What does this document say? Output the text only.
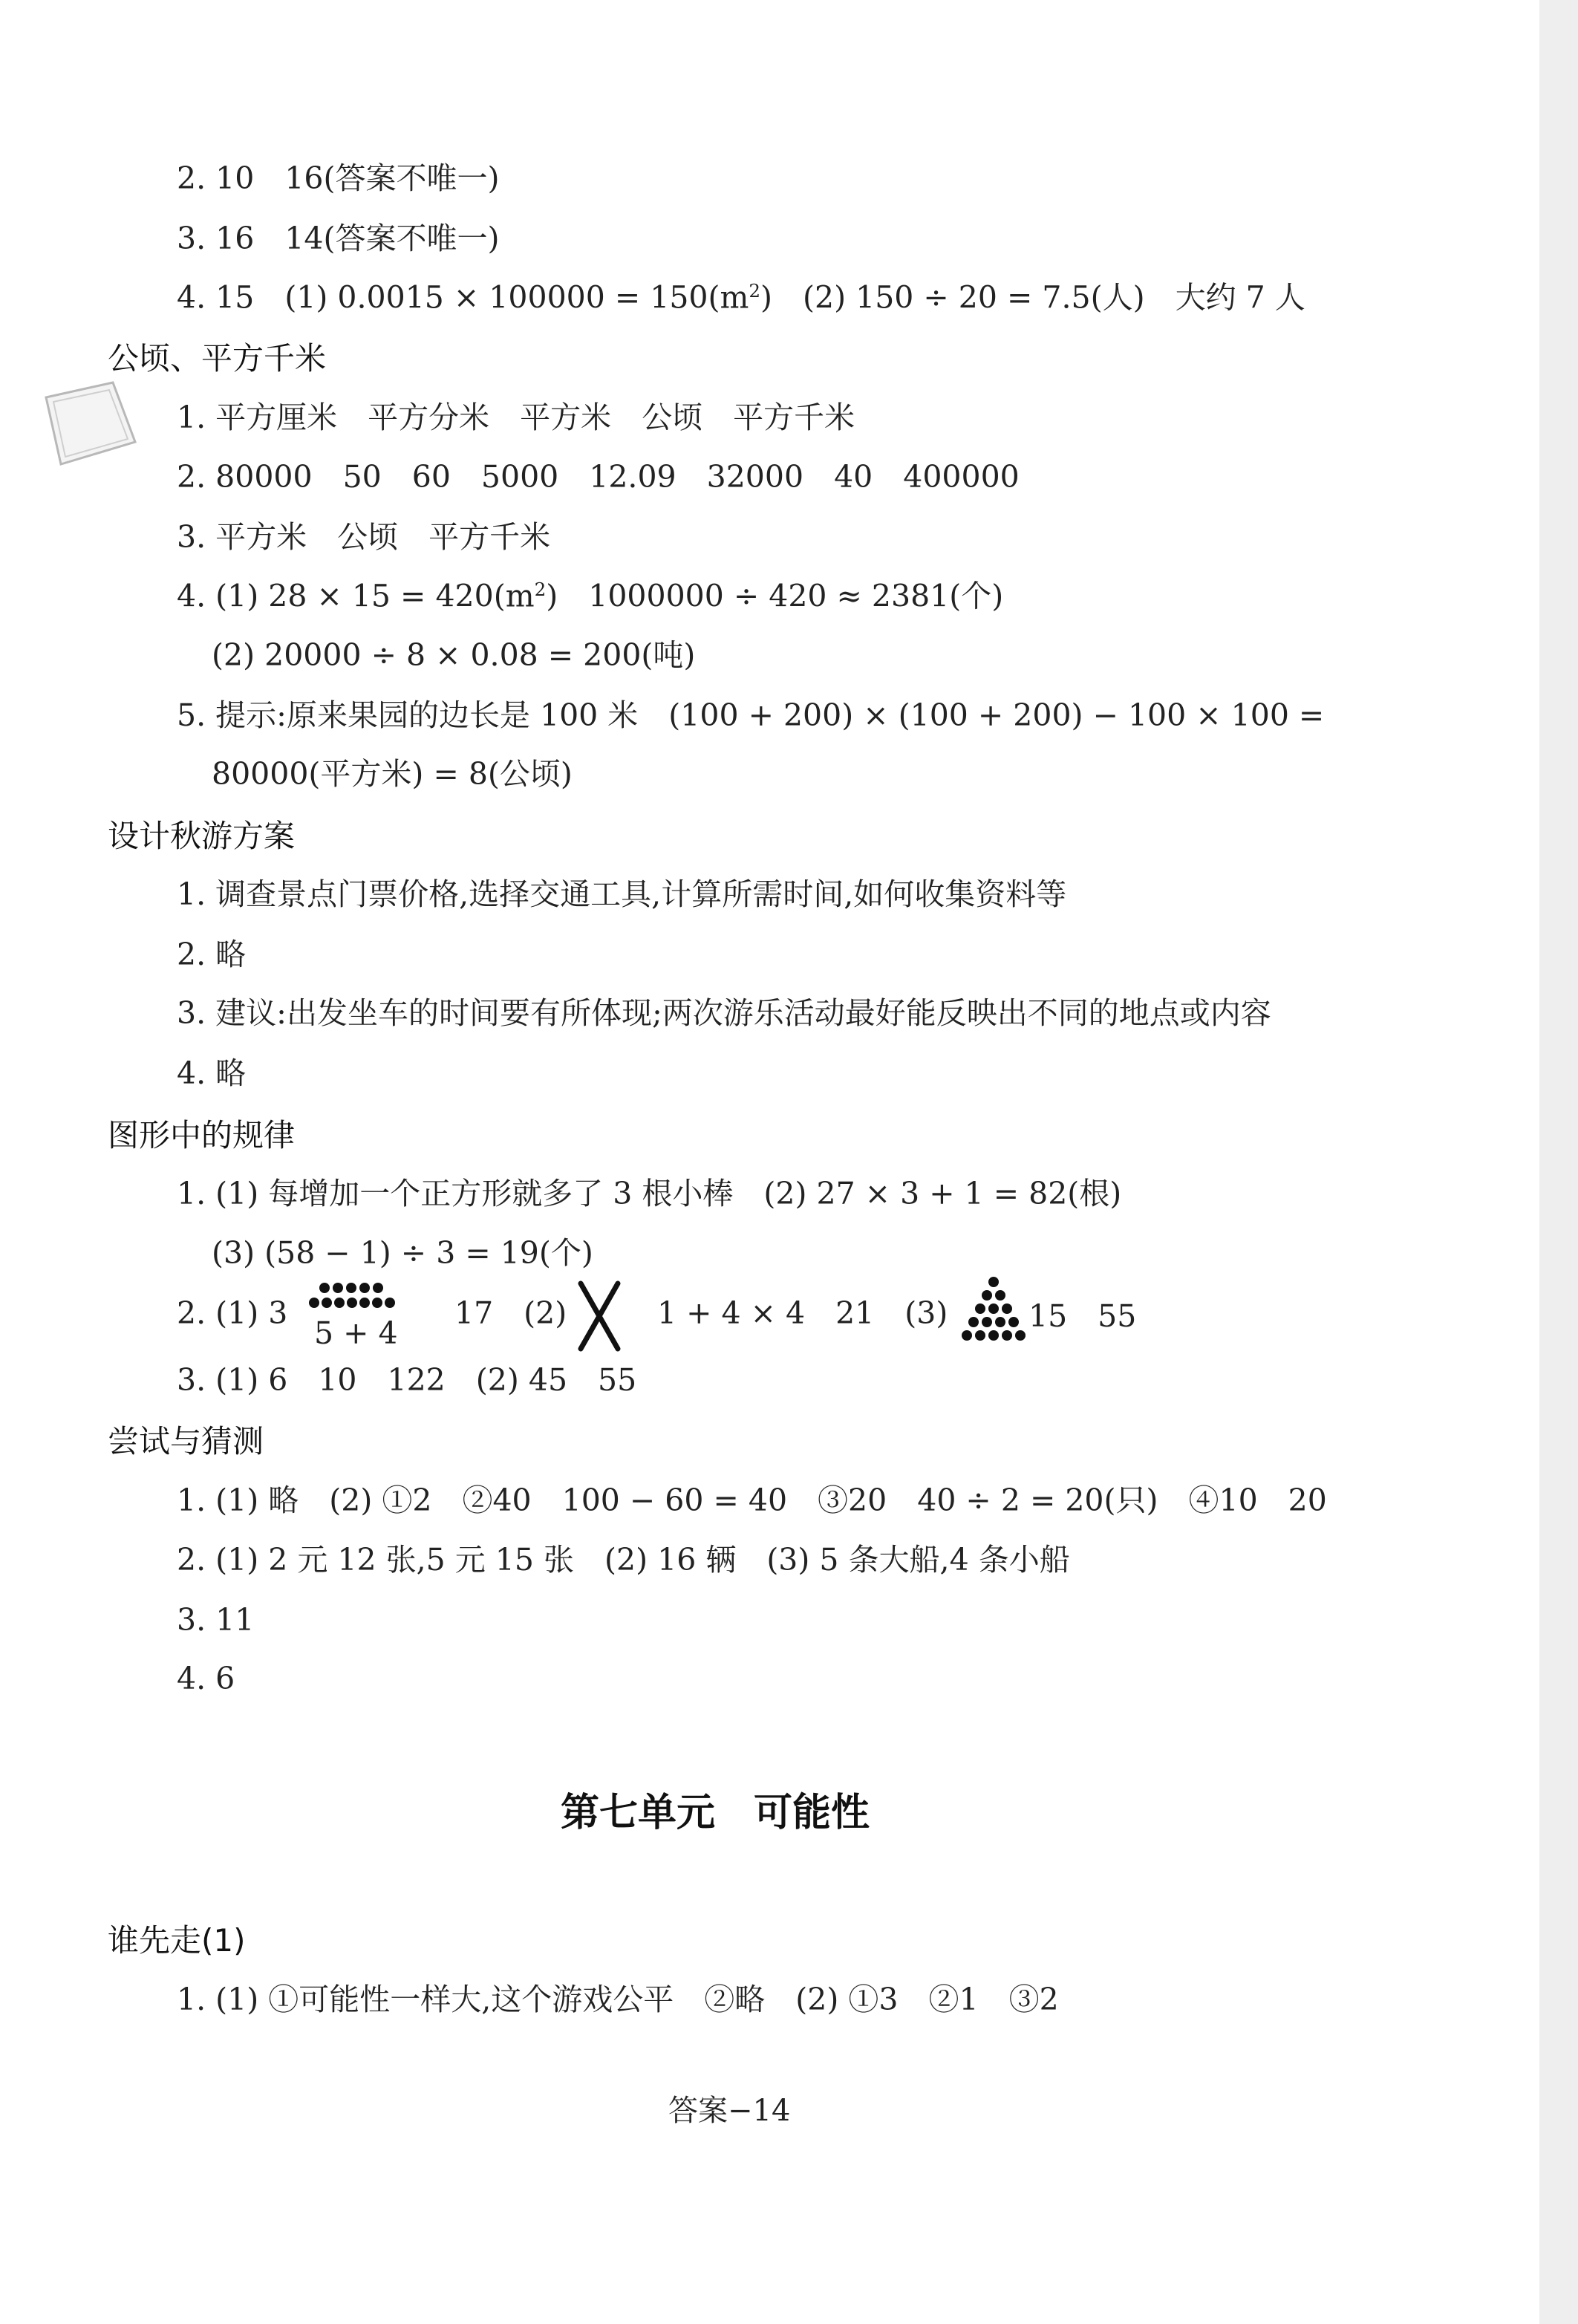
2. 10　16(答案不唯一)
3. 16　14(答案不唯一)
4. 15　(1) $0.0015 \times 100000 = 150(m^2)$　(2) 150 ÷ 20 = 7.5(人)　大约 7 人
公顷、平方千米
1. 平方厘米　平方分米　平方米　公顷　平方千米
2. 80000　50　60　5000　12.09　32000　40　400000
3. 平方米　公顷　平方千米
4. (1) $28 \times 15 = 420(m^2)$　1000000 ÷ 420 ≈ 2381(个)
(2) 20000 ÷ 8 × 0.08 = 200(吨)
5. 提示:原来果园的边长是 100 米　(100 + 200) × (100 + 200) − 100 × 100 =
80000(平方米) = 8(公顷)
设计秋游方案
1. 调查景点门票价格,选择交通工具,计算所需时间,如何收集资料等
2. 略
3. 建议:出发坐车的时间要有所体现;两次游乐活动最好能反映出不同的地点或内容
4. 略
图形中的规律
1. (1) 每增加一个正方形就多了 3 根小棒　(2) 27 × 3 + 1 = 82(根)
(3) (58 − 1) ÷ 3 = 19(个)
2. (1) 3
5 + 4
17　(2)	1 + 4 × 4　21　(3)	15　55
3. (1) 6　10　122　(2) 45　55
尝试与猜测
1. (1) 略　(2) ①2　②40　100 − 60 = 40　③20　40 ÷ 2 = 20(只)　④10　20
2. (1) 2 元 12 张,5 元 15 张　(2) 16 辆　(3) 5 条大船,4 条小船
3. 11
4. 6
第七单元　可能性
谁先走(1)
1. (1) ①可能性一样大,这个游戏公平　②略　(2) ①3　②1　③2
答案−14
